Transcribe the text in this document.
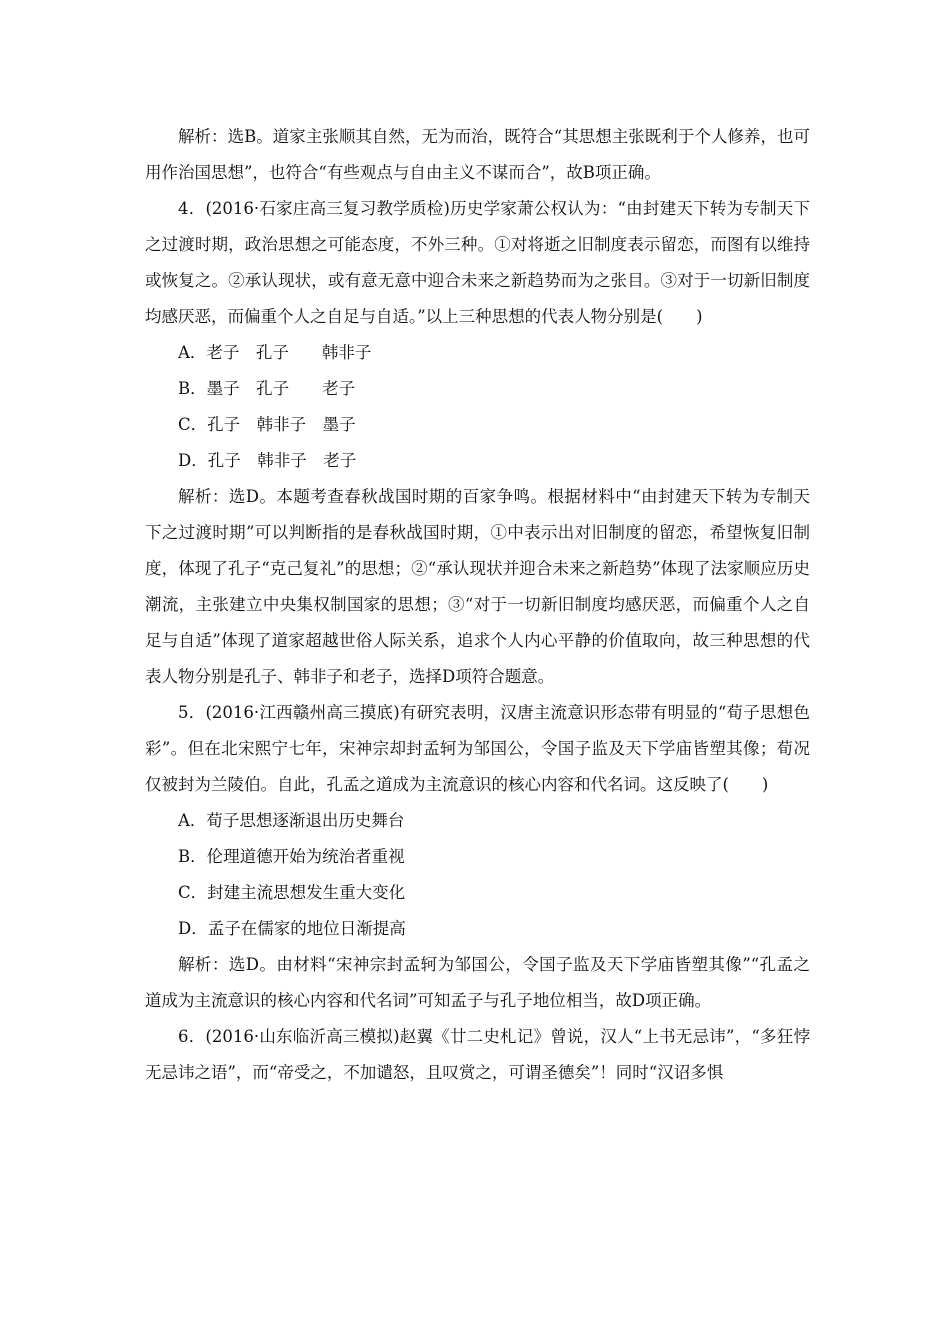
解析：选B。道家主张顺其自然，无为而治，既符合“其思想主张既利于个人修养，也可用作治国思想”，也符合“有些观点与自由主义不谋而合”，故B项正确。

4．(2016·石家庄高三复习教学质检)历史学家萧公权认为：“由封建天下转为专制天下之过渡时期，政治思想之可能态度，不外三种。①对将逝之旧制度表示留恋，而图有以维持或恢复之。②承认现状，或有意无意中迎合未来之新趋势而为之张目。③对于一切新旧制度均感厌恶，而偏重个人之自足与自适。”以上三种思想的代表人物分别是(　　)

A．老子　孔子　　韩非子

B．墨子　孔子　　老子

C．孔子　韩非子　墨子

D．孔子　韩非子　老子

解析：选D。本题考查春秋战国时期的百家争鸣。根据材料中“由封建天下转为专制天下之过渡时期”可以判断指的是春秋战国时期，①中表示出对旧制度的留恋，希望恢复旧制度，体现了孔子“克己复礼”的思想；②“承认现状并迎合未来之新趋势”体现了法家顺应历史潮流，主张建立中央集权制国家的思想；③“对于一切新旧制度均感厌恶，而偏重个人之自足与自适”体现了道家超越世俗人际关系，追求个人内心平静的价值取向，故三种思想的代表人物分别是孔子、韩非子和老子，选择D项符合题意。

5．(2016·江西赣州高三摸底)有研究表明，汉唐主流意识形态带有明显的“荀子思想色彩”。但在北宋熙宁七年，宋神宗却封孟轲为邹国公，令国子监及天下学庙皆塑其像；荀况仅被封为兰陵伯。自此，孔孟之道成为主流意识的核心内容和代名词。这反映了(　　)

A．荀子思想逐渐退出历史舞台

B．伦理道德开始为统治者重视

C．封建主流思想发生重大变化

D．孟子在儒家的地位日渐提高

解析：选D。由材料“宋神宗封孟轲为邹国公，令国子监及天下学庙皆塑其像”“孔孟之道成为主流意识的核心内容和代名词”可知孟子与孔子地位相当，故D项正确。

6．(2016·山东临沂高三模拟)赵翼《廿二史札记》曾说，汉人“上书无忌讳”，“多狂悖无忌讳之语”，而“帝受之，不加谴怒，且叹赏之，可谓圣德矣”！同时“汉诏多惧
